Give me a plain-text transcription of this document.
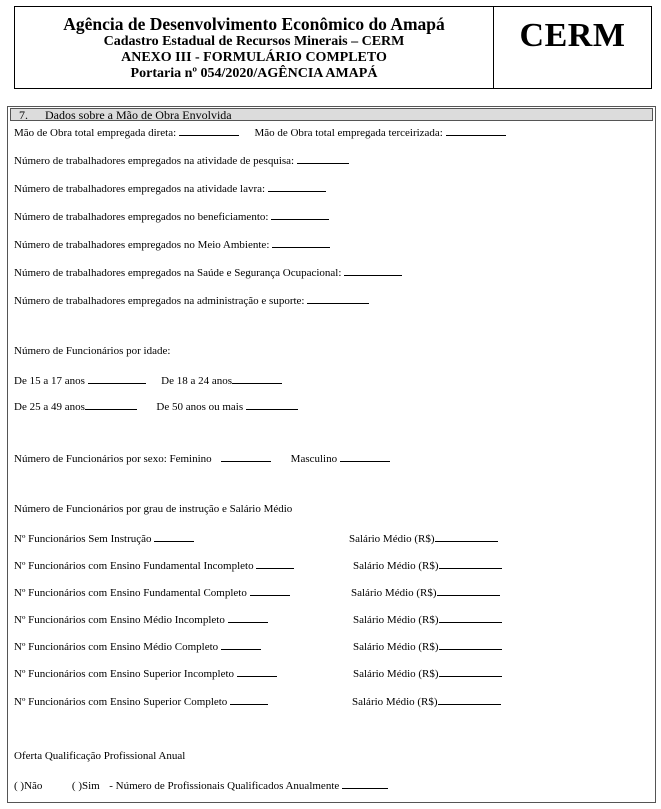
Agência de Desenvolvimento Econômico do Amapá
Cadastro Estadual de Recursos Minerais – CERM
ANEXO III - FORMULÁRIO COMPLETO
Portaria nº 054/2020/AGÊNCIA AMAPÁ
CERM
7. Dados sobre a Mão de Obra Envolvida
Mão de Obra total empregada direta:	Mão de Obra total empregada terceirizada:
Número de trabalhadores empregados na atividade de pesquisa:
Número de trabalhadores empregados na atividade lavra:
Número de trabalhadores empregados no beneficiamento:
Número de trabalhadores empregados no Meio Ambiente:
Número de trabalhadores empregados na Saúde e Segurança Ocupacional:
Número de trabalhadores empregados na administração e suporte:
Número de Funcionários por idade:
De 15 a 17 anos	De 18 a 24 anos
De 25 a 49 anos	De 50 anos ou mais
Número de Funcionários por sexo: Feminino	Masculino
Número de Funcionários por grau de instrução e Salário Médio
Nº Funcionários Sem Instrução	Salário Médio (R$)
Nº Funcionários com Ensino Fundamental Incompleto	Salário Médio (R$)
Nº Funcionários com Ensino Fundamental Completo	Salário Médio (R$)
Nº Funcionários com Ensino Médio Incompleto	Salário Médio (R$)
Nº Funcionários com Ensino Médio Completo	Salário Médio (R$)
Nº Funcionários com Ensino Superior Incompleto	Salário Médio (R$)
Nº Funcionários com Ensino Superior Completo	Salário Médio (R$)
Oferta Qualificação Profissional Anual
( )Não	( )Sim - Número de Profissionais Qualificados Anualmente
